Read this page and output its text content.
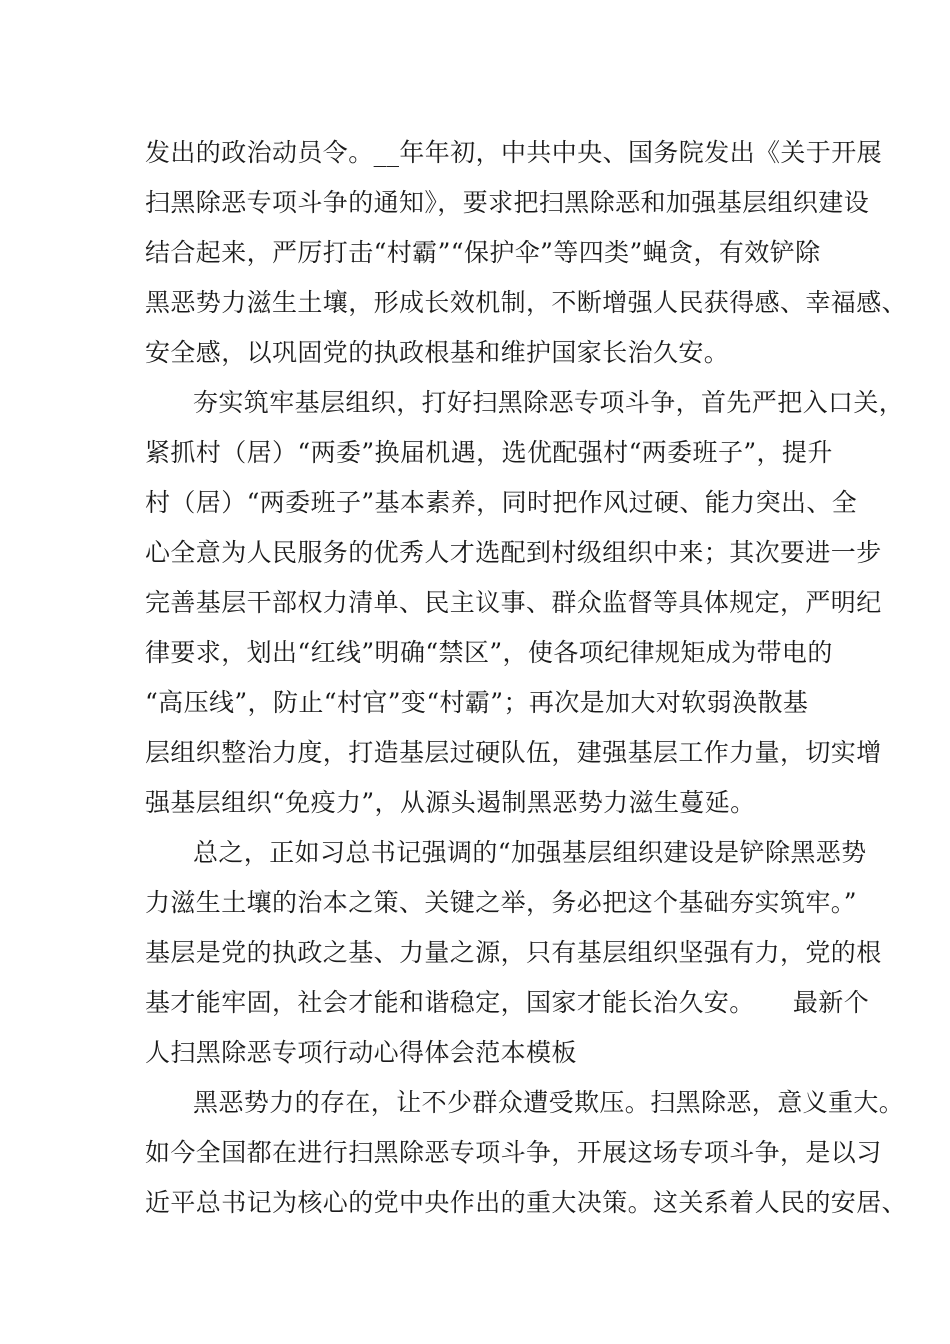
发出的政治动员令。__年年初，中共中央、国务院发出《关于开展
扫黑除恶专项斗争的通知》，要求把扫黑除恶和加强基层组织建设
结合起来，严厉打击“村霸”“保护伞”等四类”蝇贪，有效铲除
黑恶势力滋生土壤，形成长效机制，不断增强人民获得感、幸福感、
安全感，以巩固党的执政根基和维护国家长治久安。
夯实筑牢基层组织，打好扫黑除恶专项斗争，首先严把入口关，
紧抓村（居）“两委”换届机遇，选优配强村“两委班子”，提升
村（居）“两委班子”基本素养，同时把作风过硬、能力突出、全
心全意为人民服务的优秀人才选配到村级组织中来；其次要进一步
完善基层干部权力清单、民主议事、群众监督等具体规定，严明纪
律要求，划出“红线”明确“禁区”，使各项纪律规矩成为带电的
“高压线”，防止“村官”变“村霸”；再次是加大对软弱涣散基
层组织整治力度，打造基层过硬队伍，建强基层工作力量，切实增
强基层组织“免疫力”，从源头遏制黑恶势力滋生蔓延。
总之，正如习总书记强调的“加强基层组织建设是铲除黑恶势
力滋生土壤的治本之策、关键之举，务必把这个基础夯实筑牢。”
基层是党的执政之基、力量之源，只有基层组织坚强有力，党的根
基才能牢固，社会才能和谐稳定，国家才能长治久安。　　最新个
人扫黑除恶专项行动心得体会范本模板
黑恶势力的存在，让不少群众遭受欺压。扫黑除恶，意义重大。
如今全国都在进行扫黑除恶专项斗争，开展这场专项斗争，是以习
近平总书记为核心的党中央作出的重大决策。这关系着人民的安居、
